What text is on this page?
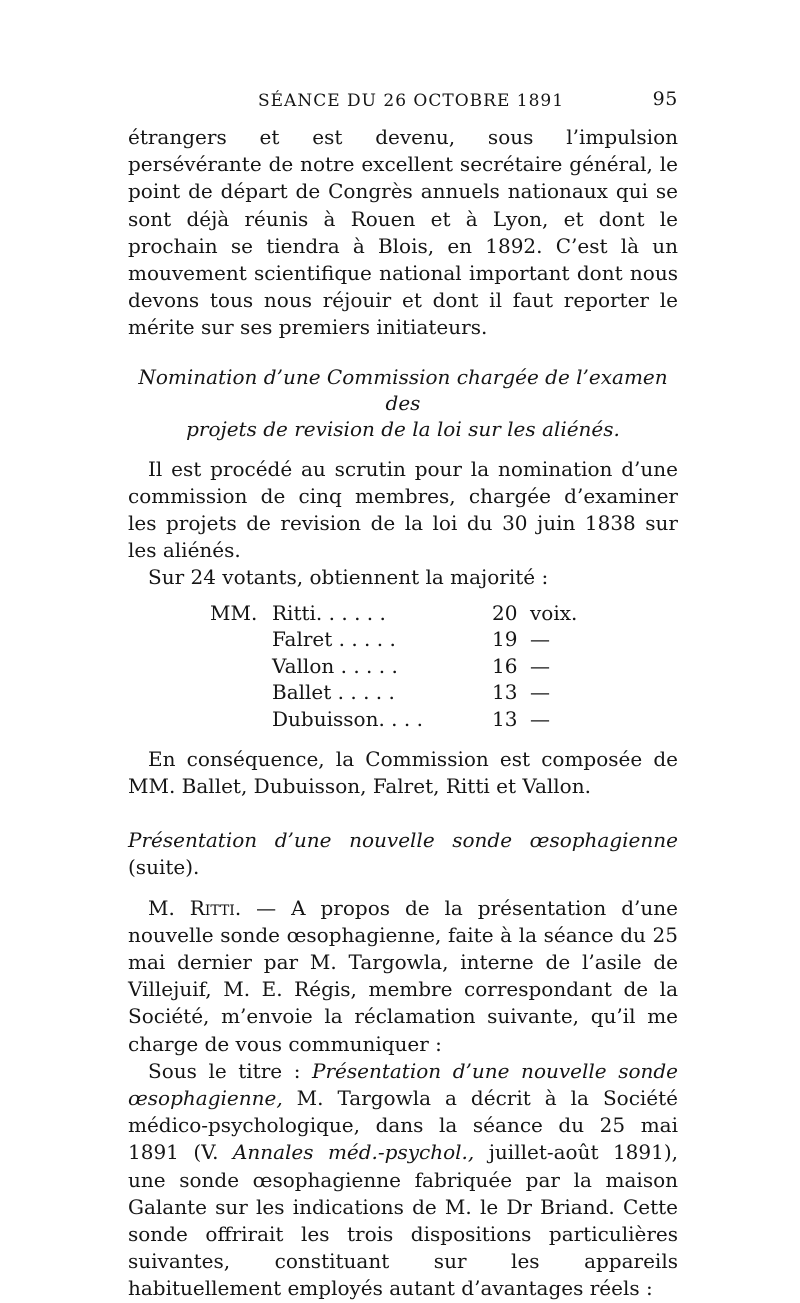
SÉANCE DU 26 OCTOBRE 1891	95

étrangers et est devenu, sous l’impulsion persévérante de notre excellent secrétaire général, le point de départ de Congrès annuels nationaux qui se sont déjà réunis à Rouen et à Lyon, et dont le prochain se tiendra à Blois, en 1892. C’est là un mouvement scientifique national important dont nous devons tous nous réjouir et dont il faut reporter le mérite sur ses premiers initiateurs.

Nomination d’une Commission chargée de l’examen des
projets de revision de la loi sur les aliénés.

Il est procédé au scrutin pour la nomination d’une commission de cinq membres, chargée d’examiner les projets de revision de la loi du 30 juin 1838 sur les aliénés.

Sur 24 votants, obtiennent la majorité :

MM. Ritti. . . . . .	20 voix.
Falret . . . . .	19 —
Vallon . . . . .	16 —
Ballet . . . . .	13 —
Dubuisson. . . .	13 —

En conséquence, la Commission est composée de MM. Ballet, Dubuisson, Falret, Ritti et Vallon.

Présentation d’une nouvelle sonde œsophagienne (suite).

M. Ritti. — A propos de la présentation d’une nouvelle sonde œsophagienne, faite à la séance du 25 mai dernier par M. Targowla, interne de l’asile de Villejuif, M. E. Régis, membre correspondant de la Société, m’envoie la réclamation suivante, qu’il me charge de vous communiquer :

Sous le titre : Présentation d’une nouvelle sonde œsophagienne, M. Targowla a décrit à la Société médico-psychologique, dans la séance du 25 mai 1891 (V. Annales méd.-psychol., juillet-août 1891), une sonde œsophagienne fabriquée par la maison Galante sur les indications de M. le Dr Briand. Cette sonde offrirait les trois dispositions particulières suivantes, constituant sur les appareils habituellement employés autant d’avantages réels :
